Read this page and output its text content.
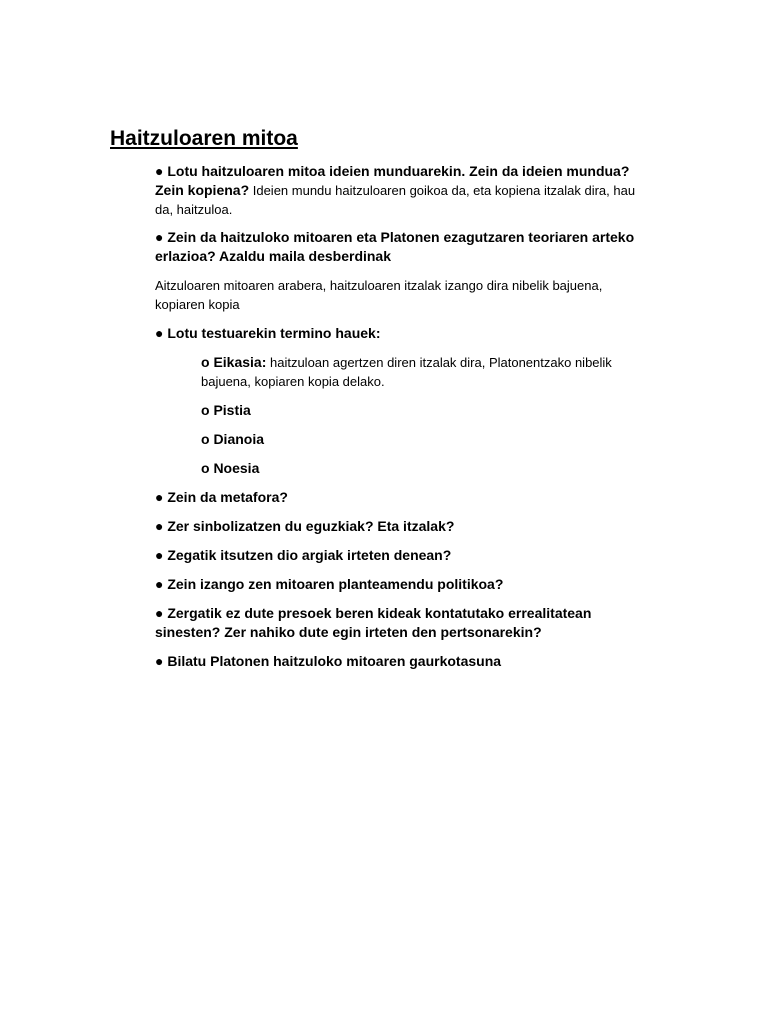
Haitzuloaren mitoa

● Lotu haitzuloaren mitoa ideien munduarekin. Zein da ideien mundua? Zein kopiena? Ideien mundu haitzuloaren goikoa da, eta kopiena itzalak dira, hau da, haitzuloa.

● Zein da haitzuloko mitoaren eta Platonen ezagutzaren teoriaren arteko erlazioa? Azaldu maila desberdinak

Aitzuloaren mitoaren arabera, haitzuloaren itzalak izango dira nibelik bajuena, kopiaren kopia

● Lotu testuarekin termino hauek:

o Eikasia: haitzuloan agertzen diren itzalak dira, Platonentzako nibelik bajuena, kopiaren kopia delako.

o Pistia

o Dianoia

o Noesia

● Zein da metafora?

● Zer sinbolizatzen du eguzkiak? Eta itzalak?

● Zegatik itsutzen dio argiak irteten denean?

● Zein izango zen mitoaren planteamendu politikoa?

● Zergatik ez dute presoek beren kideak kontatutako errealitatean sinesten? Zer nahiko dute egin irteten den pertsonarekin?

● Bilatu Platonen haitzuloko mitoaren gaurkotasuna
